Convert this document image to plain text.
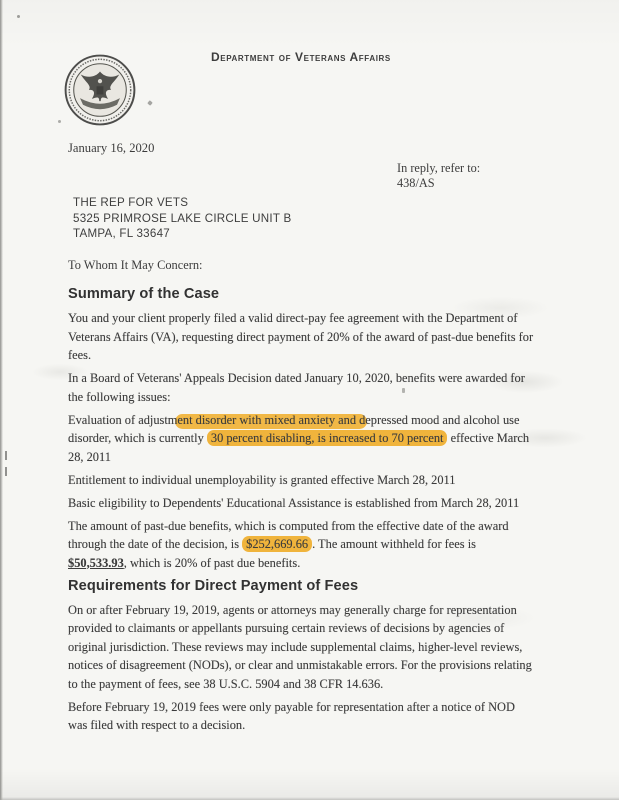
Department of Veterans Affairs
January 16, 2020
In reply, refer to:
438/AS
THE REP FOR VETS
5325 PRIMROSE LAKE CIRCLE UNIT B
TAMPA, FL 33647
To Whom It May Concern:
Summary of the Case

You and your client properly filed a valid direct-pay fee agreement with the Department of Veterans Affairs (VA), requesting direct payment of 20% of the award of past-due benefits for fees.

In a Board of Veterans' Appeals Decision dated January 10, 2020, benefits were awarded for the following issues:

Evaluation of adjustment disorder with mixed anxiety and depressed mood and alcohol use disorder, which is currently 30 percent disabling, is increased to 70 percent effective March 28, 2011

Entitlement to individual unemployability is granted effective March 28, 2011

Basic eligibility to Dependents' Educational Assistance is established from March 28, 2011

The amount of past-due benefits, which is computed from the effective date of the award through the date of the decision, is $252,669.66 . The amount withheld for fees is $50,533.93, which is 20% of past due benefits.

Requirements for Direct Payment of Fees

On or after February 19, 2019, agents or attorneys may generally charge for representation provided to claimants or appellants pursuing certain reviews of decisions by agencies of original jurisdiction. These reviews may include supplemental claims, higher-level reviews, notices of disagreement (NODs), or clear and unmistakable errors. For the provisions relating to the payment of fees, see 38 U.S.C. 5904 and 38 CFR 14.636.

Before February 19, 2019 fees were only payable for representation after a notice of NOD was filed with respect to a decision.
